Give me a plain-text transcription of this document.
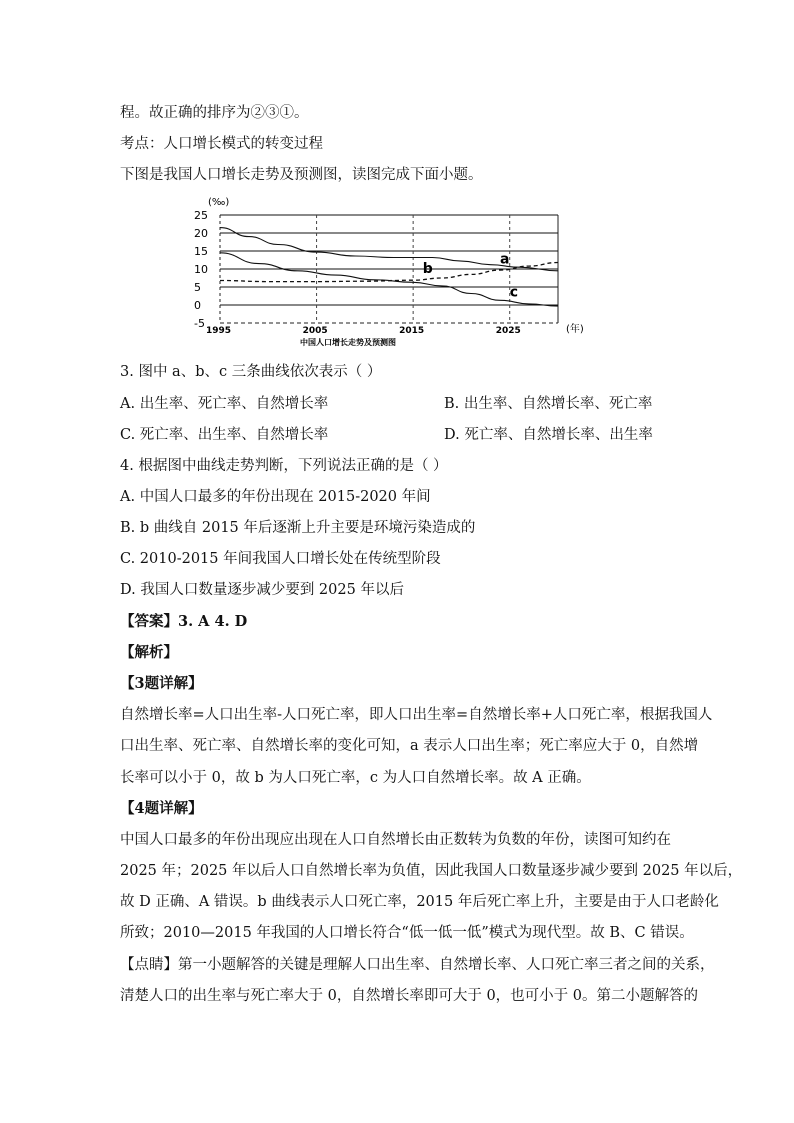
程。故正确的排序为②③①。
考点：人口增长模式的转变过程
下图是我国人口增长走势及预测图，读图完成下面小题。
25
20
15
10
5
0
-5
1995	2005	2015	2025
a
b
c
(‰)
(年)
中国人口增长走势及预测图
3. 图中 a、b、c 三条曲线依次表示（ ）
A. 出生率、死亡率、自然增长率	B. 出生率、自然增长率、死亡率
C. 死亡率、出生率、自然增长率	D. 死亡率、自然增长率、出生率
4. 根据图中曲线走势判断，下列说法正确的是（ ）
A. 中国人口最多的年份出现在 2015-2020 年间
B. b 曲线自 2015 年后逐渐上升主要是环境污染造成的
C. 2010-2015 年间我国人口增长处在传统型阶段
D. 我国人口数量逐步减少要到 2025 年以后
【答案】3. A 4. D
【解析】
【3题详解】
自然增长率=人口出生率-人口死亡率，即人口出生率=自然增长率+人口死亡率，根据我国人
口出生率、死亡率、自然增长率的变化可知，a 表示人口出生率；死亡率应大于 0，自然增
长率可以小于 0，故 b 为人口死亡率，c 为人口自然增长率。故 A 正确。
【4题详解】
中国人口最多的年份出现应出现在人口自然增长由正数转为负数的年份，读图可知约在
2025 年；2025 年以后人口自然增长率为负值，因此我国人口数量逐步减少要到 2025 年以后，
故 D 正确、A 错误。b 曲线表示人口死亡率，2015 年后死亡率上升，主要是由于人口老龄化
所致；2010—2015 年我国的人口增长符合“低一低一低”模式为现代型。故 B、C 错误。
【点睛】第一小题解答的关键是理解人口出生率、自然增长率、人口死亡率三者之间的关系，
清楚人口的出生率与死亡率大于 0，自然增长率即可大于 0，也可小于 0。第二小题解答的
